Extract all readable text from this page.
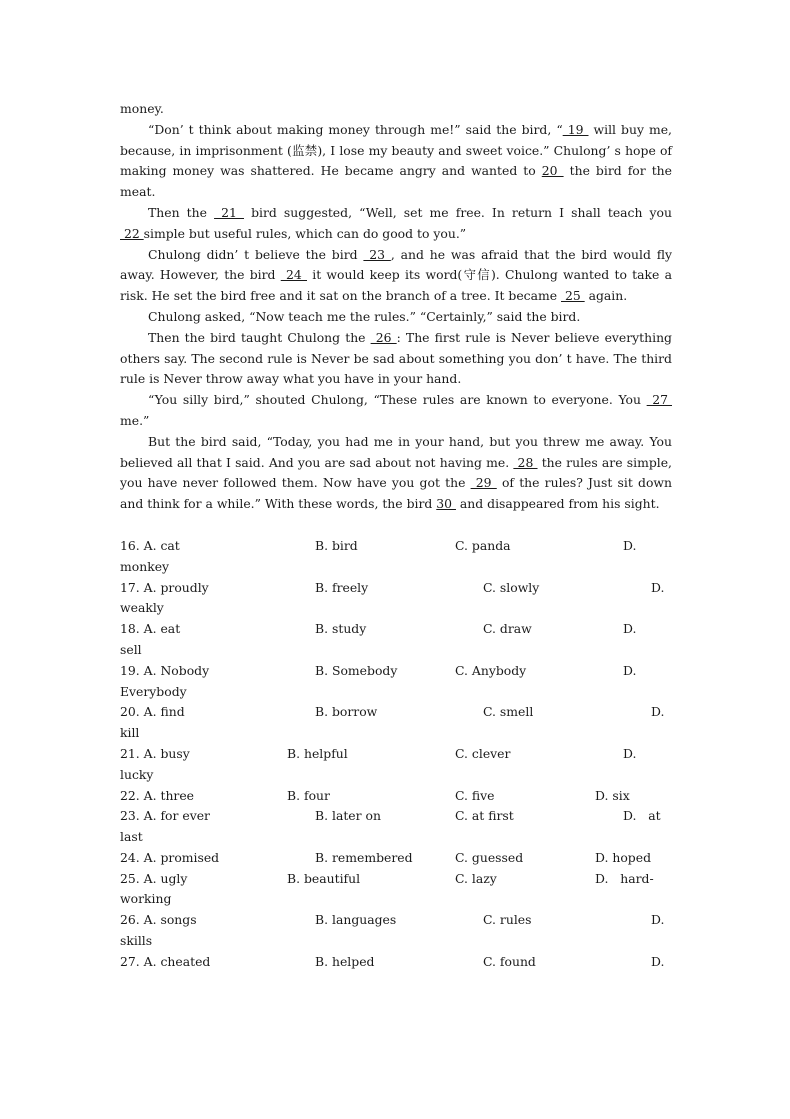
money.

“Don’ t think about making money through me!” said the bird, “ 19  will buy me, because, in imprisonment (监禁), I lose my beauty and sweet voice.” Chulong’ s hope of making money was shattered. He became angry and wanted to 20  the bird for the meat.

Then the  21  bird suggested, “Well, set me free. In return I shall teach you  22 simple but useful rules, which can do good to you.”

Chulong didn’ t believe the bird  23 , and he was afraid that the bird would fly away. However, the bird  24  it would keep its word(守信). Chulong wanted to take a risk. He set the bird free and it sat on the branch of a tree. It became  25  again.

Chulong asked, “Now teach me the rules.” “Certainly,” said the bird.

Then the bird taught Chulong the  26 : The first rule is Never believe everything others say. The second rule is Never be sad about something you don’ t have. The third rule is Never throw away what you have in your hand.

“You silly bird,” shouted Chulong, “These rules are known to everyone. You  27  me.”

But the bird said, “Today, you had me in your hand, but you threw me away. You believed all that I said. And you are sad about not having me.  28  the rules are simple, you have never followed them. Now have you got the  29  of the rules? Just sit down and think for a while.” With these words, the bird 30  and disappeared from his sight.

16. A. cat	B. bird	C. panda	D.
monkey
17. A. proudly	B. freely	C. slowly	D.
weakly
18. A. eat	B. study	C. draw	D.
sell
19. A. Nobody	B. Somebody	C. Anybody	D.
Everybody
20. A. find	B. borrow	C. smell	D.
kill
21. A. busy	B. helpful	C. clever	D.
lucky
22. A. three	B. four	C. five	D. six
23. A. for ever	B. later on	C. at first	D.   at
last
24. A. promised	B. remembered	C. guessed	D. hoped
25. A. ugly	B. beautiful	C. lazy	D.   hard-
working
26. A. songs	B. languages	C. rules	D.
skills
27. A. cheated	B. helped	C. found	D.
